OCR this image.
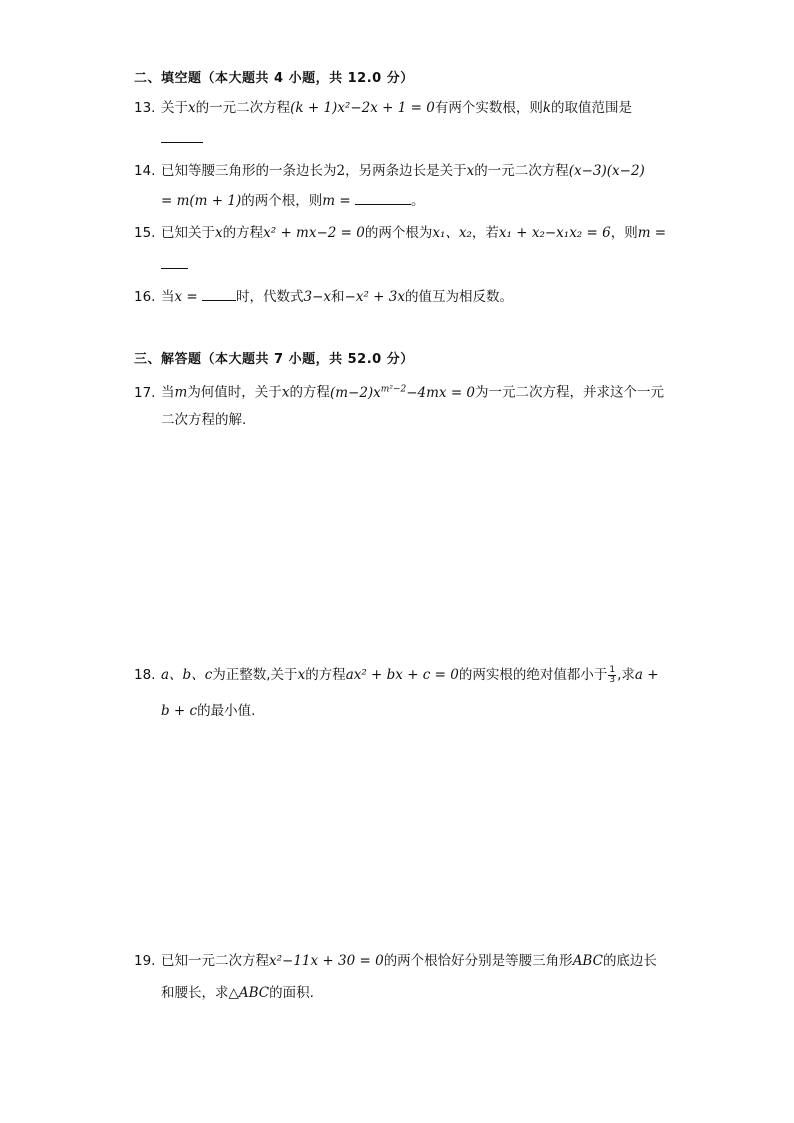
二、填空题（本大题共 4 小题，共 12.0 分）
13. 关于x的一元二次方程(k + 1)x²−2x + 1 = 0有两个实数根，则k的取值范围是
14. 已知等腰三角形的一条边长为2，另两条边长是关于x的一元二次方程(x−3)(x−2)
= m(m + 1)的两个根，则m =	。
15. 已知关于x的方程x² + mx−2 = 0的两个根为x₁、x₂，若x₁ + x₂−x₁x₂ = 6，则m =
16. 当x =	时，代数式3−x和−x² + 3x的值互为相反数。
三、解答题（本大题共 7 小题，共 52.0 分）
17. 当m为何值时，关于x的方程$(m-2)x^{m^2-2}-4mx = 0$为一元二次方程，并求这个一元
二次方程的解.
18. a、b、c为正整数,关于x的方程ax² + bx + c = 0的两实根的绝对值都小于 $\frac{1}{3}$ ,求a +
b + c的最小值.
19. 已知一元二次方程x²−11x + 30 = 0的两个根恰好分别是等腰三角形ABC的底边长
和腰长，求△ABC的面积.
